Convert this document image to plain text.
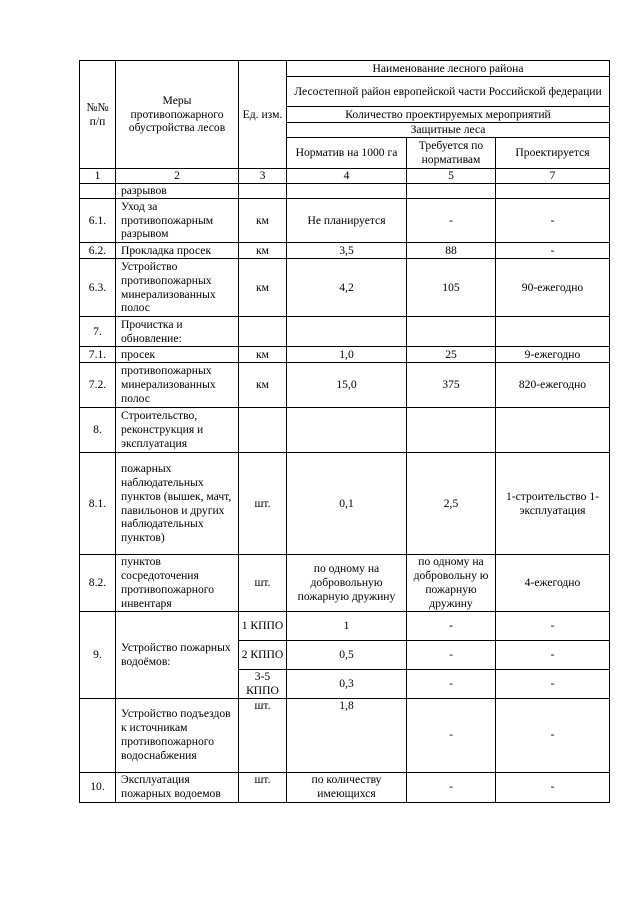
№№ п/п	Меры противопожарного обустройства лесов	Ед. изм.	Наименование лесного района		
			Лесостепной район европейской части Российской федерации		
			Количество проектируемых мероприятий		
			Защитные леса		
			Норматив на 1000 га	Требуется по нормативам	Проектируется

1	2	3	4	5	7
	разрывов				
6.1.	Уход за противопожарным разрывом	км	Не планируется	-	-
6.2.	Прокладка просек	км	3,5	88	-
6.3.	Устройство противопожарных минерализованных полос	км	4,2	105	90-ежегодно
7.	Прочистка и обновление:				
7.1.	просек	км	1,0	25	9-ежегодно
7.2.	противопожарных минерализованных полос	км	15,0	375	820-ежегодно
8.	Строительство, реконструкция и эксплуатация				
8.1.	пожарных наблюдательных пунктов (вышек, мачт, павильонов и других наблюдательных пунктов)	шт.	0,1	2,5	1-строительство 1-эксплуатация
8.2.	пунктов сосредоточения противопожарного инвентаря	шт.	по одному на добровольную пожарную дружину	по одному на добровольну ю пожарную дружину	4-ежегодно
9.	Устройство пожарных водоёмов:	1 КППО	1	-	-
		2 КППО	0,5	-	-
		3-5 КППО	0,3	-	-
	Устройство подъездов к источникам противопожарного водоснабжения	шт.	1,8	-	-
10.	Эксплуатация пожарных водоемов	шт.	по количеству имеющихся	-	-
